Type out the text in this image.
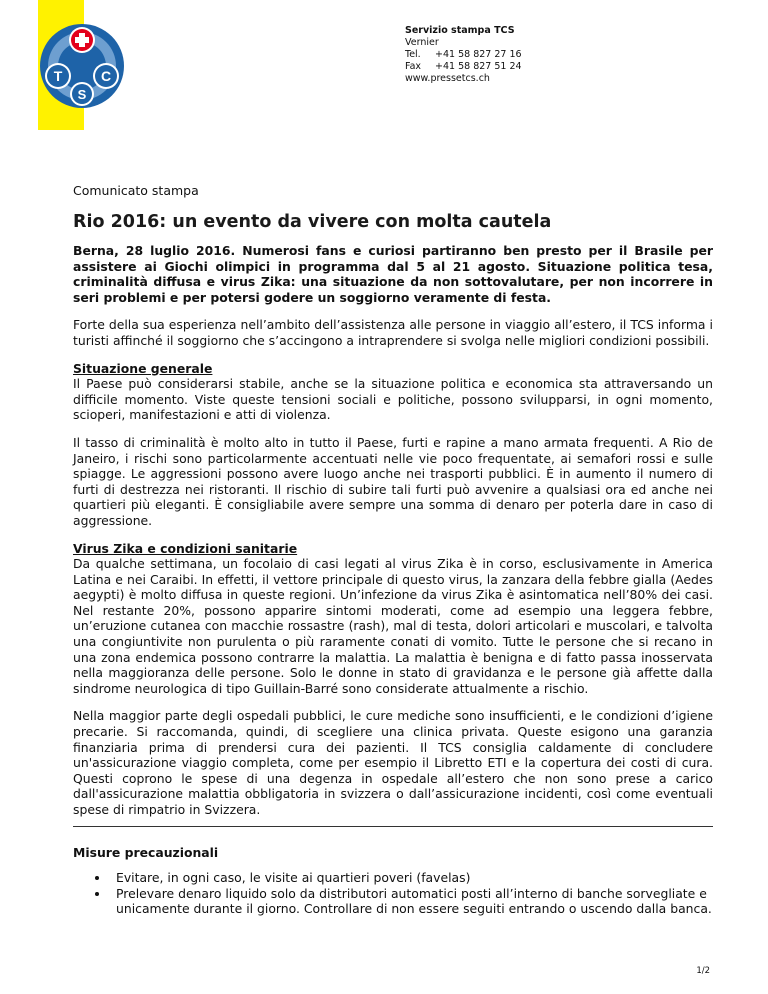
T	C
S
Servizio stampa TCS
Vernier
Tel. +41 58 827 27 16
Fax +41 58 827 51 24
www.pressetcs.ch
Comunicato stampa
Rio 2016: un evento da vivere con molta cautela

Berna, 28 luglio 2016. Numerosi fans e curiosi partiranno ben presto per il Brasile per assistere ai Giochi olimpici in programma dal 5 al 21 agosto. Situazione politica tesa, criminalità diffusa e virus Zika: una situazione da non sottovalutare, per non incorrere in seri problemi e per potersi godere un soggiorno veramente di festa.

Forte della sua esperienza nell’ambito dell’assistenza alle persone in viaggio all’estero, il TCS informa i turisti affinché il soggiorno che s’accingono a intraprendere si svolga nelle migliori condizioni possibili.

Situazione generale
Il Paese può considerarsi stabile, anche se la situazione politica e economica sta attraversando un difficile momento. Viste queste tensioni sociali e politiche, possono svilupparsi, in ogni momento, scioperi, manifestazioni e atti di violenza.

Il tasso di criminalità è molto alto in tutto il Paese, furti e rapine a mano armata frequenti. A Rio de Janeiro, i rischi sono particolarmente accentuati nelle vie poco frequentate, ai semafori rossi e sulle spiagge. Le aggressioni possono avere luogo anche nei trasporti pubblici. È in aumento il numero di furti di destrezza nei ristoranti. Il rischio di subire tali furti può avvenire a qualsiasi ora ed anche nei quartieri più eleganti. È consigliabile avere sempre una somma di denaro per poterla dare in caso di aggressione.

Virus Zika e condizioni sanitarie
Da qualche settimana, un focolaio di casi legati al virus Zika è in corso, esclusivamente in America Latina e nei Caraibi. In effetti, il vettore principale di questo virus, la zanzara della febbre gialla (Aedes aegypti) è molto diffusa in queste regioni. Un’infezione da virus Zika è asintomatica nell’80% dei casi. Nel restante 20%, possono apparire sintomi moderati, come ad esempio una leggera febbre, un’eruzione cutanea con macchie rossastre (rash), mal di testa, dolori articolari e muscolari, e talvolta una congiuntivite non purulenta o più raramente conati di vomito. Tutte le persone che si recano in una zona endemica possono contrarre la malattia. La malattia è benigna e di fatto passa inosservata nella maggioranza delle persone. Solo le donne in stato di gravidanza e le persone già affette dalla sindrome neurologica di tipo Guillain-Barré sono considerate attualmente a rischio.

Nella maggior parte degli ospedali pubblici, le cure mediche sono insufficienti, e le condizioni d’igiene precarie. Si raccomanda, quindi, di scegliere una clinica privata. Queste esigono una garanzia finanziaria prima di prendersi cura dei pazienti. Il TCS consiglia caldamente di concludere un'assicurazione viaggio completa, come per esempio il Libretto ETI e la copertura dei costi di cura. Questi coprono le spese di una degenza in ospedale all’estero che non sono prese a carico dall'assicurazione malattia obbligatoria in svizzera o dall’assicurazione incidenti, così come eventuali spese di rimpatrio in Svizzera.

Misure precauzionali
• Evitare, in ogni caso, le visite ai quartieri poveri (favelas)
• Prelevare denaro liquido solo da distributori automatici posti all’interno di banche sorvegliate e unicamente durante il giorno. Controllare di non essere seguiti entrando o uscendo dalla banca.
1/2
